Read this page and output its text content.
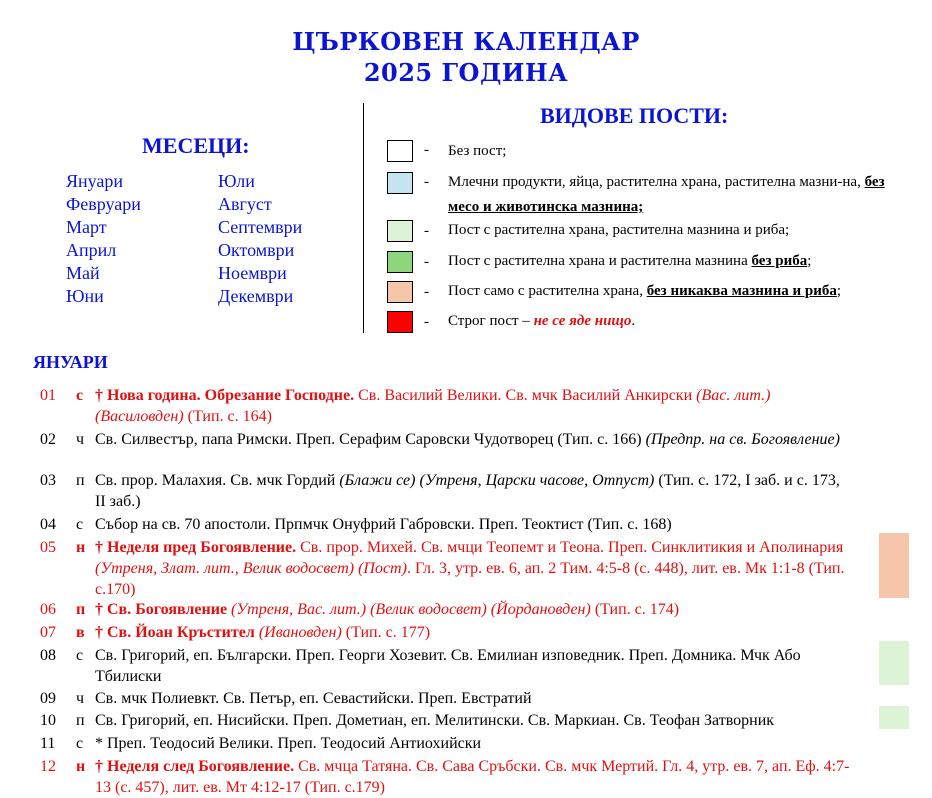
ЦЪРКОВЕН КАЛЕНДАР
2025 ГОДИНА
МЕСЕЦИ:
Януари
Февруари
Март
Април
Май
Юни
Юли
Август
Септември
Октомври
Ноември
Декември
ВИДОВЕ ПОСТИ:
- Без пост;
- Млечни продукти, яйца, растителна храна, растителна мазни-на, без месо и животинска мазнина;
- Пост с растителна храна, растителна мазнина и риба;
- Пост с растителна храна и растителна мазнина без риба;
- Пост само с растителна храна, без никаква мазнина и риба;
- Строг пост – не се яде нищо.
ЯНУАРИ
01	с † Нова година. Обрезание Господне. Св. Василий Велики. Св. мчк Василий Анкирски (Вас. лит.) (Василовден) (Тип. с. 164)
02	ч Св. Силвестър, папа Римски. Преп. Серафим Саровски Чудотворец (Тип. с. 166) (Предпр. на св. Богоявление)
03	п Св. прор. Малахия. Св. мчк Гордий (Блажи се) (Утреня, Царски часове, Отпуст) (Тип. с. 172, I заб. и с. 173, II заб.)
04	с Събор на св. 70 апостоли. Прпмчк Онуфрий Габровски. Преп. Теоктист (Тип. с. 168)
05	н † Неделя пред Богоявление. Св. прор. Михей. Св. мчци Теопемт и Теона. Преп. Синклитикия и Аполинария (Утреня, Злат. лит., Велик водосвет) (Пост). Гл. 3, утр. ев. 6, ап. 2 Тим. 4:5-8 (с. 448), лит. ев. Мк 1:1-8 (Тип. с.170)
06	п † Св. Богоявление (Утреня, Вас. лит.) (Велик водосвет) (Йордановден) (Тип. с. 174)
07	в † Св. Йоан Кръстител (Ивановден) (Тип. с. 177)
08	с Св. Григорий, еп. Български. Преп. Георги Хозевит. Св. Емилиан изповедник. Преп. Домника. Мчк Або Тбилиски
09	ч Св. мчк Полиевкт. Св. Петър, еп. Севастийски. Преп. Евстратий
10	п Св. Григорий, еп. Нисийски. Преп. Дометиан, еп. Мелитински. Св. Маркиан. Св. Теофан Затворник
11	с * Преп. Теодосий Велики. Преп. Теодосий Антиохийски
12	н † Неделя след Богоявление. Св. мчца Татяна. Св. Сава Сръбски. Св. мчк Мертий. Гл. 4, утр. ев. 7, ап. Еф. 4:7-13 (с. 457), лит. ев. Мт 4:12-17 (Тип. с.179)
